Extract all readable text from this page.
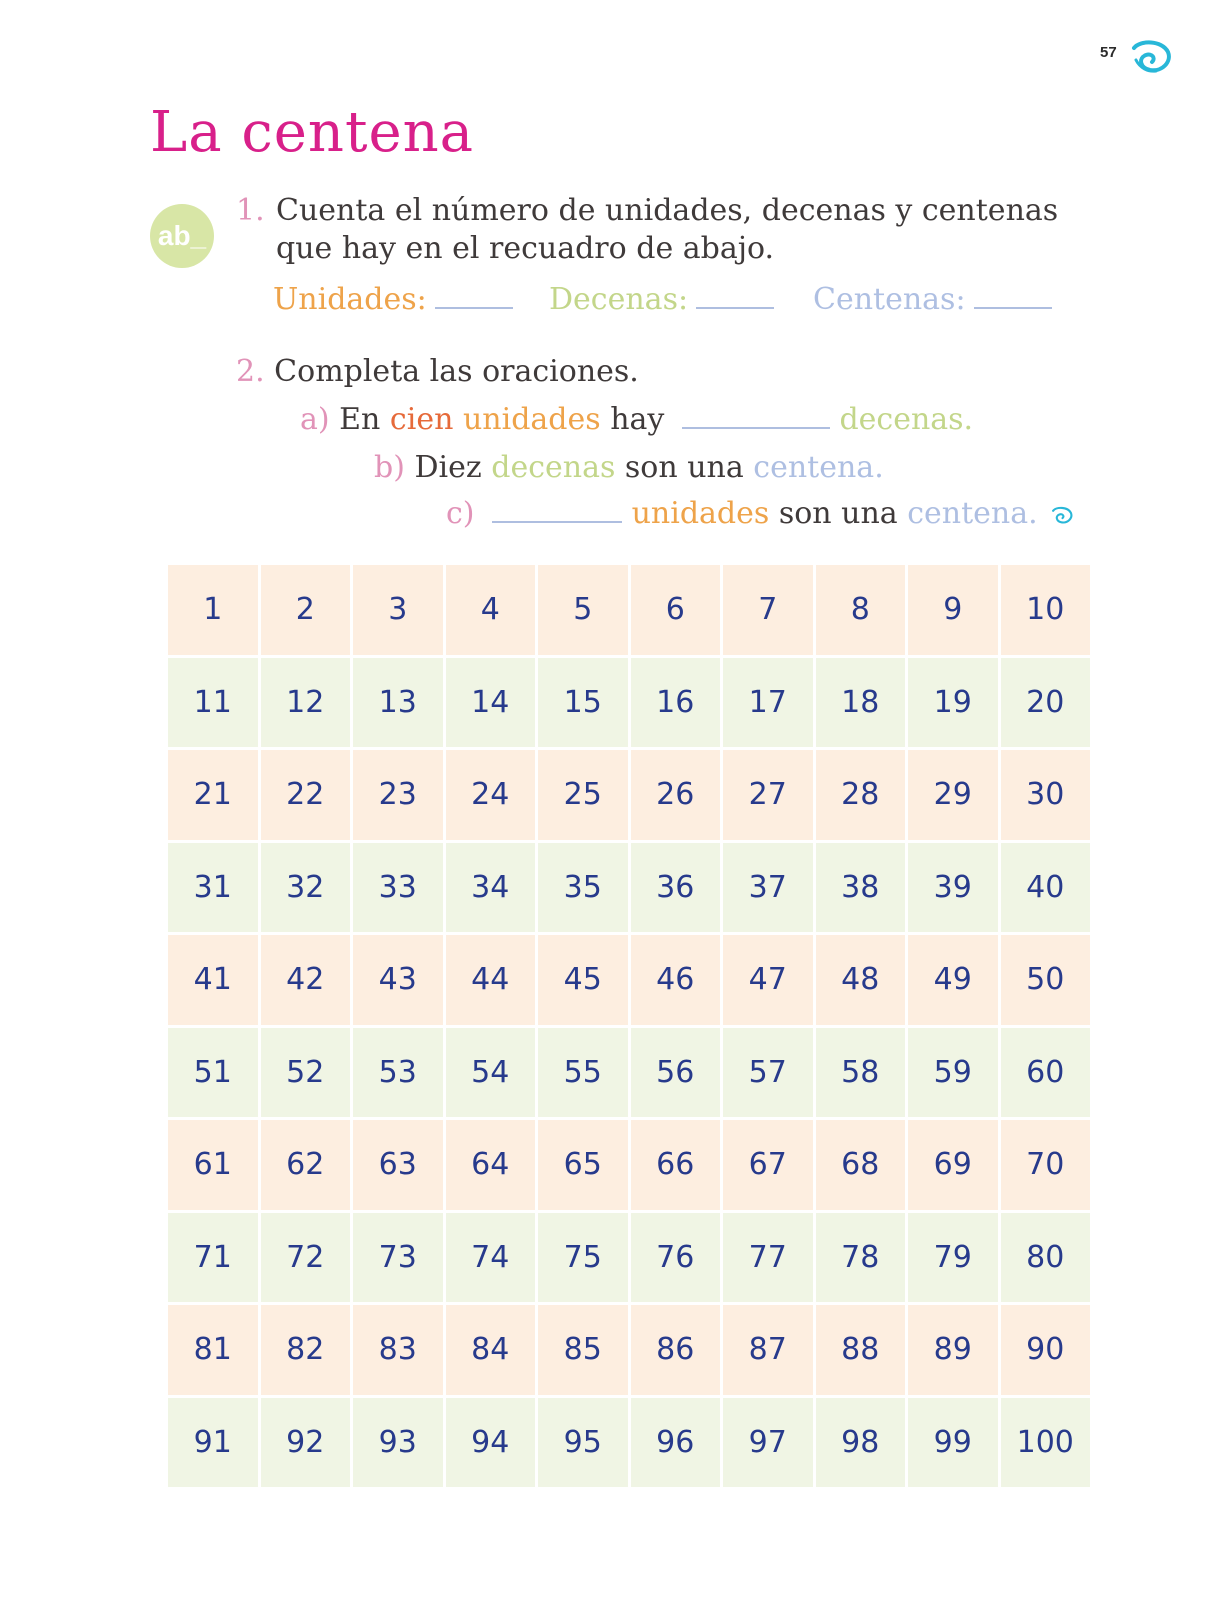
57
La centena
ab_
1. Cuenta el número de unidades, decenas y centenas que hay en el recuadro de abajo.
Unidades:	Decenas:	Centenas:
2. Completa las oraciones.
a) En cien unidades hay	decenas.
b) Diez decenas son una centena.
c)	unidades son una centena.
1	2	3	4	5	6	7	8	9	10
11	12	13	14	15	16	17	18	19	20
21	22	23	24	25	26	27	28	29	30
31	32	33	34	35	36	37	38	39	40
41	42	43	44	45	46	47	48	49	50
51	52	53	54	55	56	57	58	59	60
61	62	63	64	65	66	67	68	69	70
71	72	73	74	75	76	77	78	79	80
81	82	83	84	85	86	87	88	89	90
91	92	93	94	95	96	97	98	99	100
